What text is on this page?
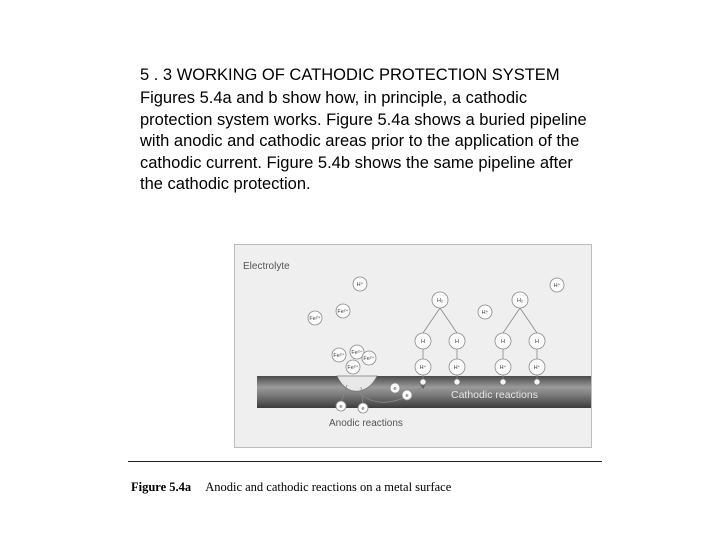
5 . 3 WORKING OF CATHODIC PROTECTION SYSTEM

Figures 5.4a and b show how, in principle, a cathodic protection system works. Figure 5.4a shows a buried pipeline with anodic and cathodic areas prior to the application of the cathodic current. Figure 5.4b shows the same pipeline after the cathodic protection.

Electrolyte
Cathodic reactions
Anodic reactions
H⁺
H₂
H⁺
H₂
H⁺
Fe²⁺
Fe²⁺
H	H	H	H
H⁺	H⁺	H⁺	H⁺
Fe²⁺ Fe²⁺
Fe²⁺
Fe²⁺
e	e
e
e
Figure 5.4a Anodic and cathodic reactions on a metal surface
